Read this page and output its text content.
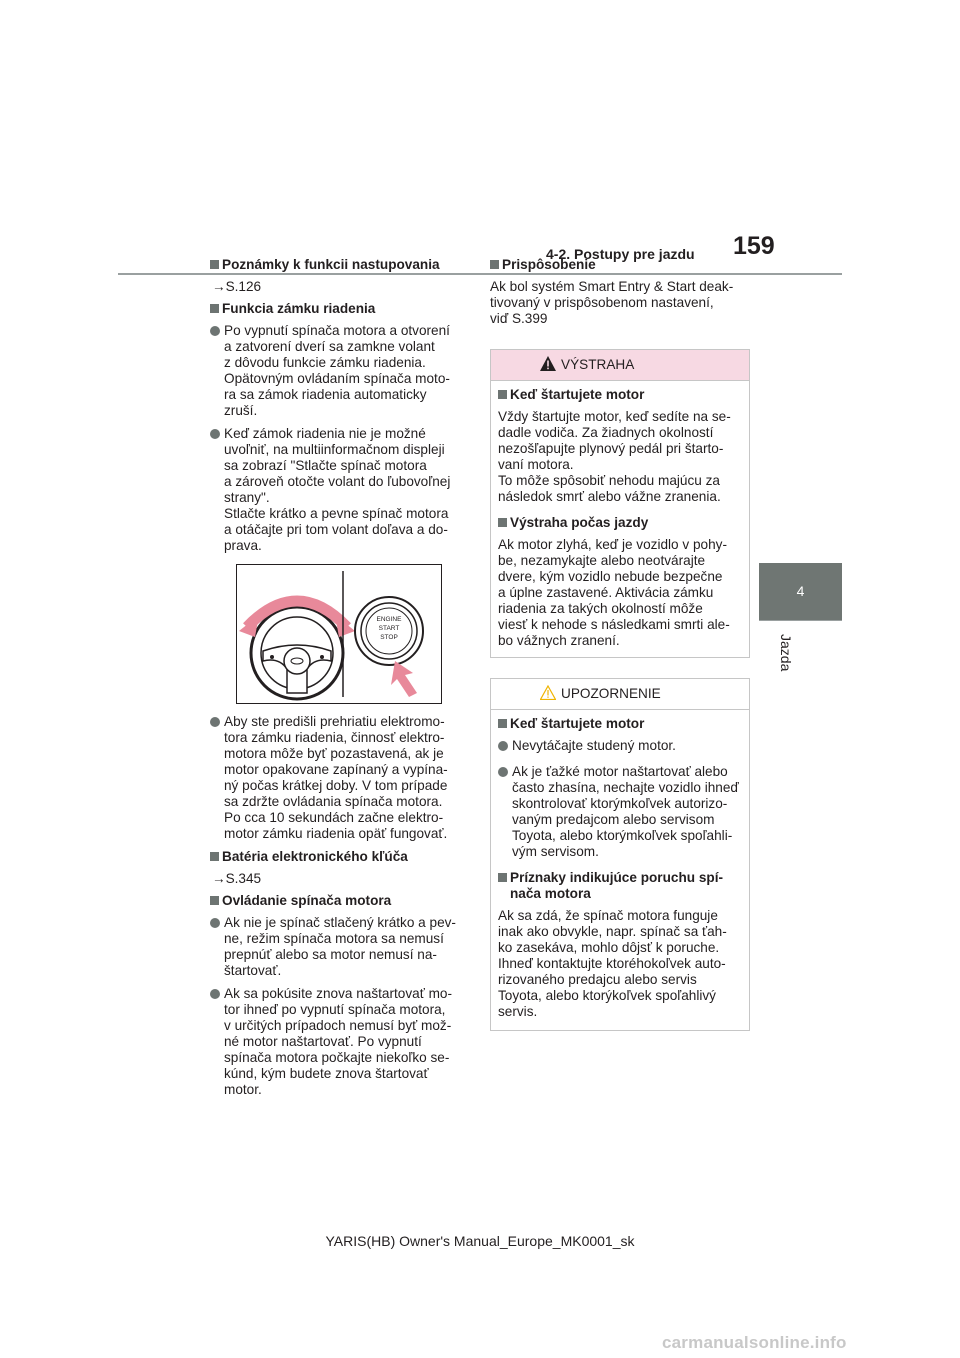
4-2. Postupy pre jazdu 159
4
Jazda
Poznámky k funkcii nastupovania
→S.126
Funkcia zámku riadenia
Po vypnutí spínača motora a otvorení
a zatvorení dverí sa zamkne volant
z dôvodu funkcie zámku riadenia.
Opätovným ovládaním spínača moto-
ra sa zámok riadenia automaticky
zruší.
Keď zámok riadenia nie je možné
uvoľniť, na multiinformačnom displeji
sa zobrazí "Stlačte spínač motora
a zároveň otočte volant do ľubovoľnej
strany".
Stlačte krátko a pevne spínač motora
a otáčajte pri tom volant doľava a do-
prava.
ENGINE
START
STOP
Aby ste predišli prehriatiu elektromo-
tora zámku riadenia, činnosť elektro-
motora môže byť pozastavená, ak je
motor opakovane zapínaný a vypína-
ný počas krátkej doby. V tom prípade
sa zdržte ovládania spínača motora.
Po cca 10 sekundách začne elektro-
motor zámku riadenia opäť fungovať.
Batéria elektronického kľúča
→S.345
Ovládanie spínača motora
Ak nie je spínač stlačený krátko a pev-
ne, režim spínača motora sa nemusí
prepnúť alebo sa motor nemusí na-
štartovať.
Ak sa pokúsite znova naštartovať mo-
tor ihneď po vypnutí spínača motora,
v určitých prípadoch nemusí byť mož-
né motor naštartovať. Po vypnutí
spínača motora počkajte niekoľko se-
kúnd, kým budete znova štartovať
motor.
Prispôsobenie
Ak bol systém Smart Entry & Start deak-
tivovaný v prispôsobenom nastavení,
viď S.399
VÝSTRAHA
Keď štartujete motor
Vždy štartujte motor, keď sedíte na se-
dadle vodiča. Za žiadnych okolností
nezošľapujte plynový pedál pri štarto-
vaní motora.
To môže spôsobiť nehodu majúcu za
následok smrť alebo vážne zranenia.
Výstraha počas jazdy
Ak motor zlyhá, keď je vozidlo v pohy-
be, nezamykajte alebo neotvárajte
dvere, kým vozidlo nebude bezpečne
a úplne zastavené. Aktivácia zámku
riadenia za takých okolností môže
viesť k nehode s následkami smrti ale-
bo vážnych zranení.
UPOZORNENIE
Keď štartujete motor
Nevytáčajte studený motor.
Ak je ťažké motor naštartovať alebo
často zhasína, nechajte vozidlo ihneď
skontrolovať ktorýmkoľvek autorizo-
vaným predajcom alebo servisom
Toyota, alebo ktorýmkoľvek spoľahli-
vým servisom.
Príznaky indikujúce poruchu spí-
nača motora
Ak sa zdá, že spínač motora funguje
inak ako obvykle, napr. spínač sa ťah-
ko zasekáva, mohlo dôjsť k poruche.
Ihneď kontaktujte ktoréhokoľvek auto-
rizovaného predajcu alebo servis
Toyota, alebo ktorýkoľvek spoľahlivý
servis.
YARIS(HB) Owner's Manual_Europe_MK0001_sk
carmanualsonline.info
